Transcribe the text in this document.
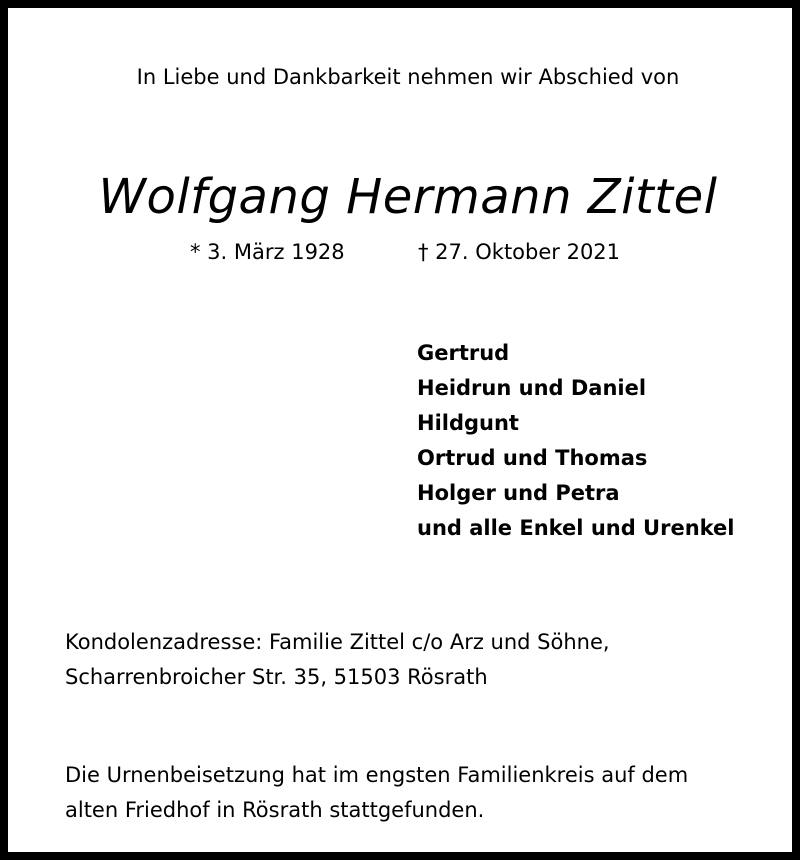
In Liebe und Dankbarkeit nehmen wir Abschied von
Wolfgang Hermann Zittel
* 3. März 1928	† 27. Oktober 2021
Gertrud
Heidrun und Daniel
Hildgunt
Ortrud und Thomas
Holger und Petra
und alle Enkel und Urenkel
Kondolenzadresse: Familie Zittel c/o Arz und Söhne,
Scharrenbroicher Str. 35, 51503 Rösrath
Die Urnenbeisetzung hat im engsten Familienkreis auf dem
alten Friedhof in Rösrath stattgefunden.
